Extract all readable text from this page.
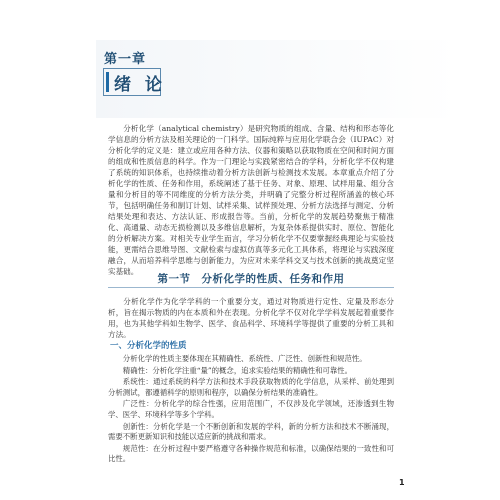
第一章
绪 论
分析化学（analytical chemistry）是研究物质的组成、含量、结构和形态等化学信息的分析方法及相关理论的一门科学。国际纯粹与应用化学联合会（IUPAC）对分析化学的定义是：建立或应用各种方法、仪器和策略以获取物质在空间和时间方面的组成和性质信息的科学。作为一门理论与实践紧密结合的学科，分析化学不仅构建了系统的知识体系，也持续推动着分析方法创新与检测技术发展。本章重点介绍了分析化学的性质、任务和作用，系统阐述了基于任务、对象、原理、试样用量、组分含量和分析目的等不同维度的分析方法分类，并明确了完整分析过程所涵盖的核心环节，包括明确任务和制订计划、试样采集、试样预处理、分析方法选择与测定、分析结果处理和表达、方法认证、形成报告等。当前，分析化学的发展趋势聚焦于精准化、高通量、动态无损检测以及多维信息解析，为复杂体系提供实时、原位、智能化的分析解决方案。对相关专业学生而言，学习分析化学不仅要掌握经典理论与实验技能，更需结合思维导图、文献检索与虚拟仿真等多元化工具体系，将理论与实践深度融合，从而培养科学思维与创新能力，为应对未来学科交叉与技术创新的挑战奠定坚实基础。
第一节　分析化学的性质、任务和作用
分析化学作为化学学科的一个重要分支，通过对物质进行定性、定量及形态分析，旨在揭示物质的内在本质和外在表现。分析化学不仅对化学学科发展起着重要作用，也为其他学科如生物学、医学、食品科学、环境科学等提供了重要的分析工具和方法。
一、分析化学的性质

分析化学的性质主要体现在其精确性、系统性、广泛性、创新性和规范性。

精确性：分析化学注重“量”的概念，追求实验结果的精确性和可靠性。

系统性：通过系统的科学方法和技术手段获取物质的化学信息，从采样、前处理到分析测试，都遵循科学的原则和程序，以确保分析结果的准确性。

广泛性：分析化学的综合性强，应用范围广，不仅涉及化学领域，还渗透到生物学、医学、环境科学等多个学科。

创新性：分析化学是一个不断创新和发展的学科，新的分析方法和技术不断涌现，需要不断更新知识和技能以适应新的挑战和需求。

规范性：在分析过程中要严格遵守各种操作规范和标准，以确保结果的一致性和可比性。

1
